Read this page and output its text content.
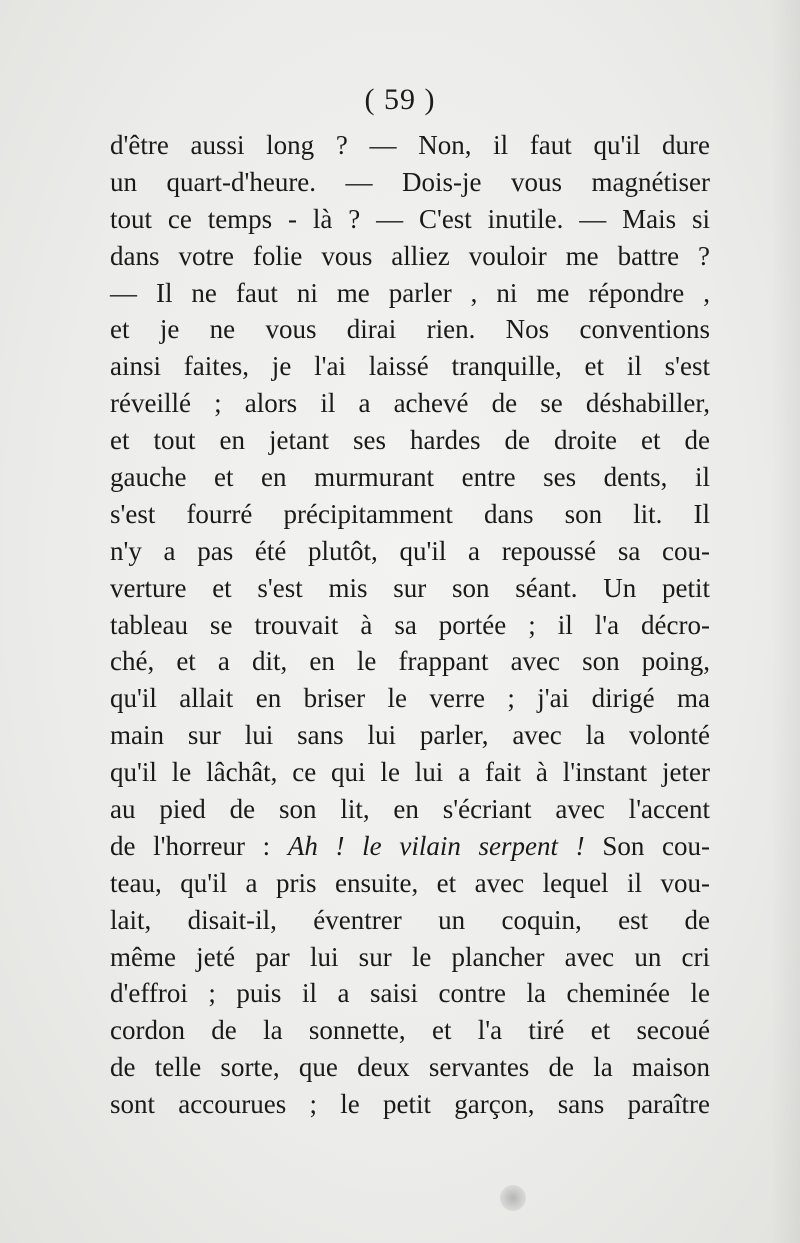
( 59 )
d'être aussi long ? — Non, il faut qu'il dure
un quart-d'heure. — Dois-je vous magnétiser
tout ce temps - là ? — C'est inutile. — Mais si
dans votre folie vous alliez vouloir me battre ?
— Il ne faut ni me parler , ni me répondre ,
et je ne vous dirai rien. Nos conventions
ainsi faites, je l'ai laissé tranquille, et il s'est
réveillé ; alors il a achevé de se déshabiller,
et tout en jetant ses hardes de droite et de
gauche et en murmurant entre ses dents, il
s'est fourré précipitamment dans son lit. Il
n'y a pas été plutôt, qu'il a repoussé sa cou-
verture et s'est mis sur son séant. Un petit
tableau se trouvait à sa portée ; il l'a décro-
ché, et a dit, en le frappant avec son poing,
qu'il allait en briser le verre ; j'ai dirigé ma
main sur lui sans lui parler, avec la volonté
qu'il le lâchât, ce qui le lui a fait à l'instant jeter
au pied de son lit, en s'écriant avec l'accent
de l'horreur : Ah ! le vilain serpent ! Son cou-
teau, qu'il a pris ensuite, et avec lequel il vou-
lait, disait-il, éventrer un coquin, est de
même jeté par lui sur le plancher avec un cri
d'effroi ; puis il a saisi contre la cheminée le
cordon de la sonnette, et l'a tiré et secoué
de telle sorte, que deux servantes de la maison
sont accourues ; le petit garçon, sans paraître
